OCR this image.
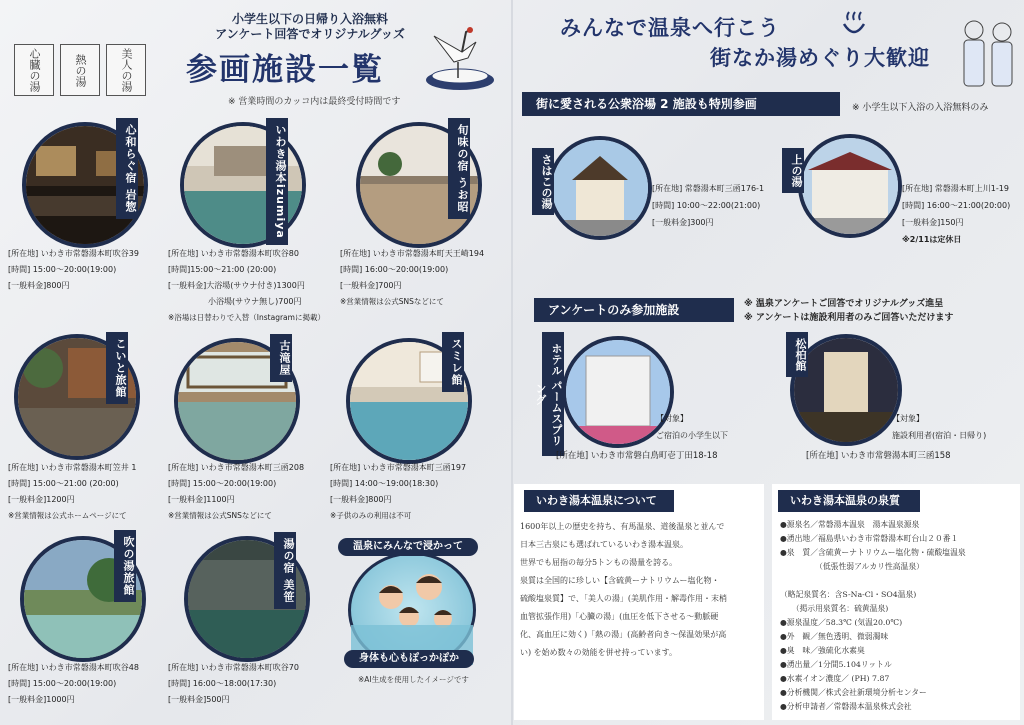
心臓の湯	熱の湯	美人の湯
小学生以下の日帰り入浴無料
アンケート回答でオリジナルグッズ
参画施設一覧
※ 営業時間のカッコ内は最終受付時間です
心和らぐ宿 岩惣
[所在地] いわき市常磐湯本町吹谷39
[時間] 15:00～20:00(19:00)
[一般料金]800円
いわき湯本izumiya
[所在地] いわき市常磐湯本町吹谷80
[時間]15:00～21:00 (20:00)
[一般料金]大浴場(サウナ付き)1300円
小浴場(サウナ無し)700円
※浴場は日替わりで入替（Instagramに掲載）
旬味の宿 うお昭
[所在地] いわき市常磐湯本町天王崎194
[時間] 16:00～20:00(19:00)
[一般料金]700円
※営業情報は公式SNSなどにて
こいと旅館
[所在地] いわき市常磐湯本町笠井 1
[時間] 15:00～21:00 (20:00)
[一般料金]1200円
※営業情報は公式ホームページにて
古滝屋
[所在地] いわき市常磐湯本町三函208
[時間] 15:00～20:00(19:00)
[一般料金]1100円
※営業情報は公式SNSなどにて
スミレ館
[所在地] いわき市常磐湯本町三函197
[時間] 14:00～19:00(18:30)
[一般料金]800円
※子供のみの利用は不可
吹の湯旅館
[所在地] いわき市常磐湯本町吹谷48
[時間] 15:00～20:00(19:00)
[一般料金]1000円
湯の宿 美笹
[所在地] いわき市常磐湯本町吹谷70
[時間] 16:00～18:00(17:30)
[一般料金]500円
温泉にみんなで浸かって
身体も心もぽっかぽか
※AI生成を使用したイメージです
みんなで温泉へ行こう
街なか湯めぐり大歓迎
街に愛される公衆浴場 2 施設も特別参画	※ 小学生以下入浴の入浴無料のみ
さはこの湯	[所在地] 常磐湯本町三函176-1
[時間] 10:00～22:00(21:00)
[一般料金]300円
上の湯
[所在地] 常磐湯本町上川1-19
[時間] 16:00～21:00(20:00)
[一般料金]150円
※2/11は定休日
アンケートのみ参加施設	※ 温泉アンケートご回答でオリジナルグッズ進呈
※ アンケートは施設利用者のみご回答いただけます
ホテル パームスプリング
【対象】
ご宿泊の小学生以下
[所在地] いわき市常磐白鳥町壱丁田18-18
松柏館
【対象】
施設利用者(宿泊・日帰り)
[所在地] いわき市常磐湯本町三函158
いわき湯本温泉について

1600年以上の歴史を持ち、有馬温泉、道後温泉と並んで

日本三古泉にも選ばれているいわき湯本温泉。

世界でも屈指の毎分5トンもの湯量を誇る。

泉質は全国的に珍しい【含硫黄ーナトリウムー塩化物・

硫酸塩泉質】で、「美人の湯」(美肌作用・解毒作用・末梢

血管拡張作用)「心臓の湯」(血圧を低下させる〜動脈硬

化、高血圧に効く)「熱の湯」(高齢者向き〜保温効果が高

い) を始め数々の効能を併せ持っています。

いわき湯本温泉の泉質
●源泉名／常磐湯本温泉　湯本温泉源泉
●湧出地／福島県いわき市常磐湯本町台山２０番１
●泉　質／含硫黄ーナトリウムー塩化物・硫酸塩温泉
　　　　　（低張性弱アルカリ性高温泉）

（略記泉質名：含S-Na-Cl・SO4温泉)
　　（掲示用泉質名：硫黄温泉)
●源泉温度／58.3℃ (気温20.0℃)
●外　観／無色透明、微弱濁味
●臭　味／強硫化水素臭
●湧出量／1分間5.104リットル
●水素イオン濃度／ (PH) 7.87
●分析機関／株式会社新環境分析センター
●分析申請者／常磐湯本温泉株式会社
